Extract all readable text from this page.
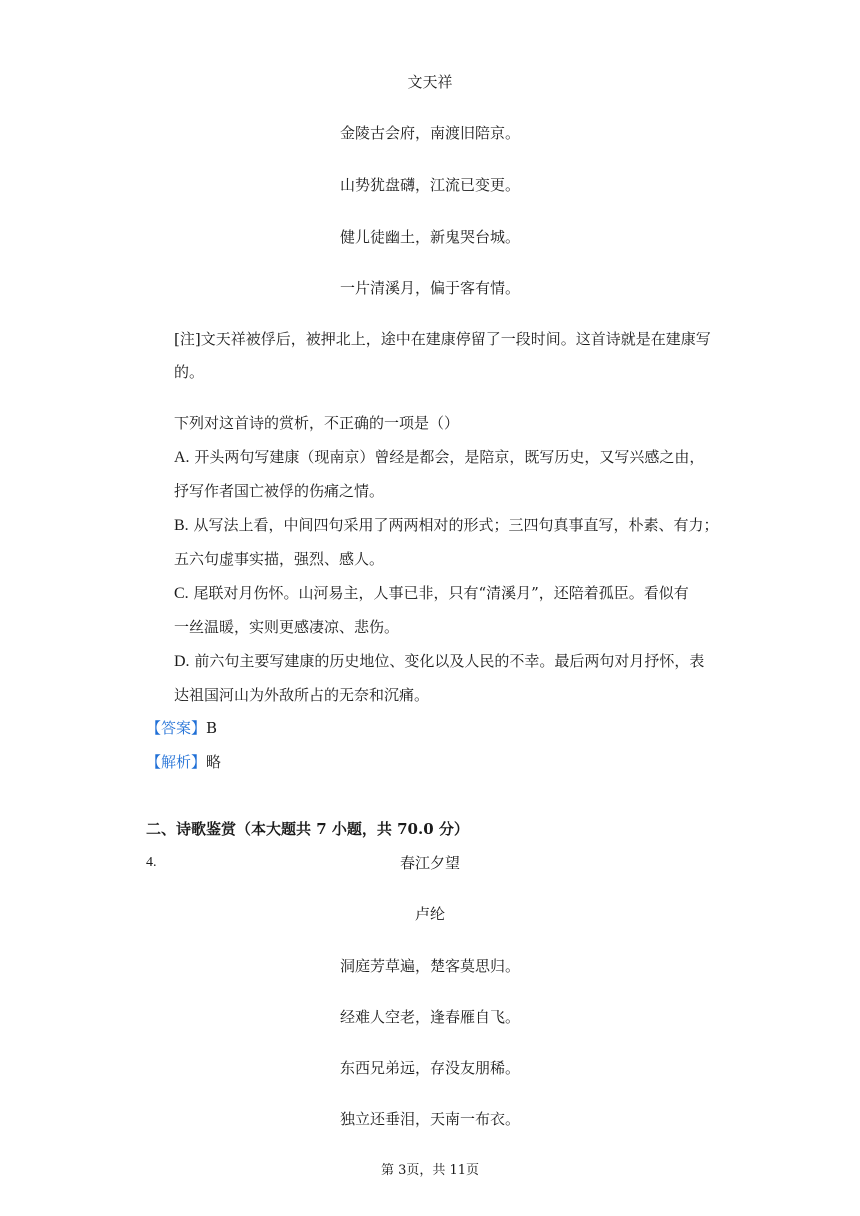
文天祥
金陵古会府，南渡旧陪京。
山势犹盘礴，江流已变更。
健儿徒幽土，新鬼哭台城。
一片清溪月，偏于客有情。
[注]文天祥被俘后，被押北上，途中在建康停留了一段时间。这首诗就是在建康写
的。
下列对这首诗的赏析，不正确的一项是（）
A. 开头两句写建康（现南京）曾经是都会，是陪京，既写历史，又写兴感之由，
抒写作者国亡被俘的伤痛之情。
B. 从写法上看，中间四句采用了两两相对的形式；三四句真事直写，朴素、有力；
五六句虚事实描，强烈、感人。
C. 尾联对月伤怀。山河易主，人事已非，只有“清溪月”，还陪着孤臣。看似有
一丝温暖，实则更感凄凉、悲伤。
D. 前六句主要写建康的历史地位、变化以及人民的不幸。最后两句对月抒怀，表
达祖国河山为外敌所占的无奈和沉痛。
【答案】B
【解析】略
二、诗歌鉴赏（本大题共 7 小题，共 70.0 分）
4.	春江夕望
卢纶
洞庭芳草遍，楚客莫思归。
经难人空老，逢春雁自飞。
东西兄弟远，存没友朋稀。
独立还垂泪，天南一布衣。
第 3页，共 11页
